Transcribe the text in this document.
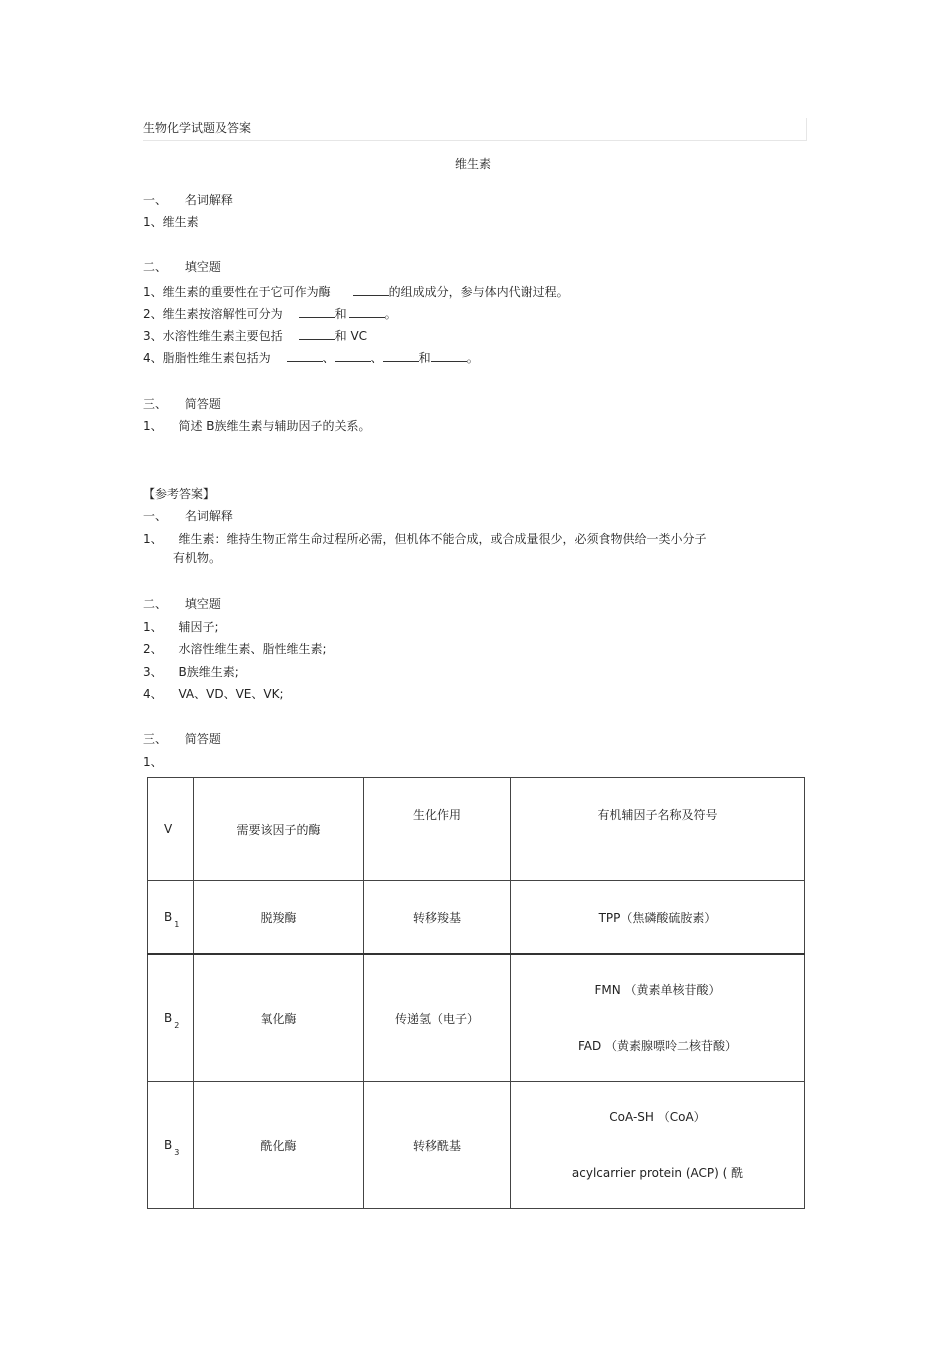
生物化学试题及答案
维生素
一、 名词解释
1、维生素
二、 填空题
1、维生素的重要性在于它可作为酶	的组成成分，参与体内代谢过程。
2、维生素按溶解性可分为	和	。
3、水溶性维生素主要包括	和 VC
4、脂脂性维生素包括为	、	、	和	。
三、 简答题
1、 简述 B族维生素与辅助因子的关系。
【参考答案】
一、 名词解释
1、 维生素：维持生物正常生命过程所必需，但机体不能合成，或合成量很少，必须食物供给一类小分子
有机物。
二、 填空题
1、 辅因子;
2、 水溶性维生素、脂性维生素;
3、 B族维生素;
4、 VA、VD、VE、VK;
三、 简答题
1、
V	需要该因子的酶	生化作用	有机辅因子名称及符号
$B_1$	脱羧酶	转移羧基	TPP（焦磷酸硫胺素）
$B_2$	氧化酶	传递氢（电子）	FMN （黄素单核苷酸）
FAD （黄素腺嘌呤二核苷酸）

$B_3$	酰化酶	转移酰基	CoA-SH （CoA）
acylcarrier protein (ACP) ( 酰
